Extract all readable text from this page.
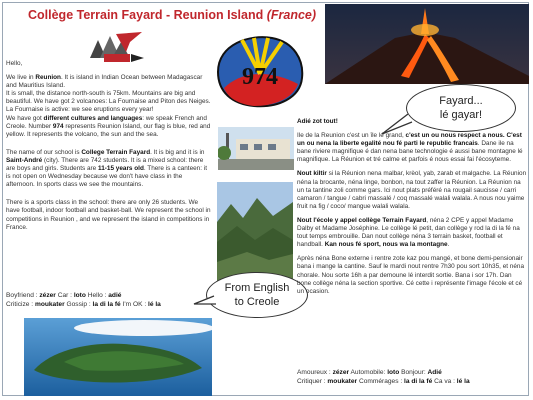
Collège Terrain Fayard - Reunion Island (France)
974
Fayard...
lé gayar!
From English
to Creole

Hello,

We live in Reunion. It is island in Indian Ocean between Madagascar and Mauritius Island.
It is small, the distance north-south is 75km. Mountains are big and beautiful. We have got 2 volcanoes: La Fournaise and Piton des Neiges. La Fournaise is active: we see eruptions every year!
We have got different cultures and languages: we speak French and Creole. Number 974 represents Reunion Island, our flag is blue, red and yellow. It represents the volcano, the sun and the sea.

The name of our school is College Terrain Fayard. It is big and it is in Saint-André (city). There are 742 students. It is a mixed school: there are boys and girls. Students are 11-15 years old. There is a canteen: it is not open on Wednesday because we don't have class in the afternoon. In sports class we see the mountains.

There is a sports class in the school: there are only 26 students. We have football, indoor football and basket-ball. We represent the school in competitions in Reunion , and we represent the island in competitions in France.

Boyfriend : zézer Car : loto Hello : adié
Criticize : moukater Gossip : la di la fé I'm OK : lé la

Adié zot tout!

Ile de la Reunion c'est un île lé grand, c'est un ou nous respect a nous. C'est un ou nena la liberte egalité nou fé parti le republic francais. Dane ile na bane riviere magnifique é dan nena bane technologie é aussi bane montagne lé magnifique. La Réunion et tré calme et parfois é nous essai fai l'écosyteme.

Nout kiltir si la Réunion nena malbar, krèol, yab, zarab et malgache. La Réunion néna la brocante, néna linge, bonbon, na tout zaffer la Réunion. La Réunion na un ta tantine zoli comme gars. Ici nout plats préféré na rougail saucisse / carri camaron / tangue / cabri massalé / coq massalé walali walala. A nous nou yaime fruit na fig / coco/ mangue walali walala.

Nout l'école y appel collège Terrain Fayard, néna 2 CPE y appel Madame Dalby et Madame Joséphine. Le collège lé petit, dan collège y rod la di la fé na tout temps embrouille. Dan nout collège néna 3 terrain basket, football et handball. Kan nous fé sport, nous wa la montagne.

Après néna Bone externe i rentre zote kaz pou mangé, et bone demi-pensionair bana i mange la cantine. Sauf le mardi nout rentre 7h30 pou sort 10h35, et néna chorale. Nou sorte 16h a par demoune lé interdit sortie. Bana i sor 17h. Dan bone collège néna la section sportive. Cé cette i représente l'image l'école et cé un ocasion.

Amoureux : zézer Automobile: loto Bonjour: Adié
Critiquer : moukater Commérages : la di la fé Ca va : lé la
